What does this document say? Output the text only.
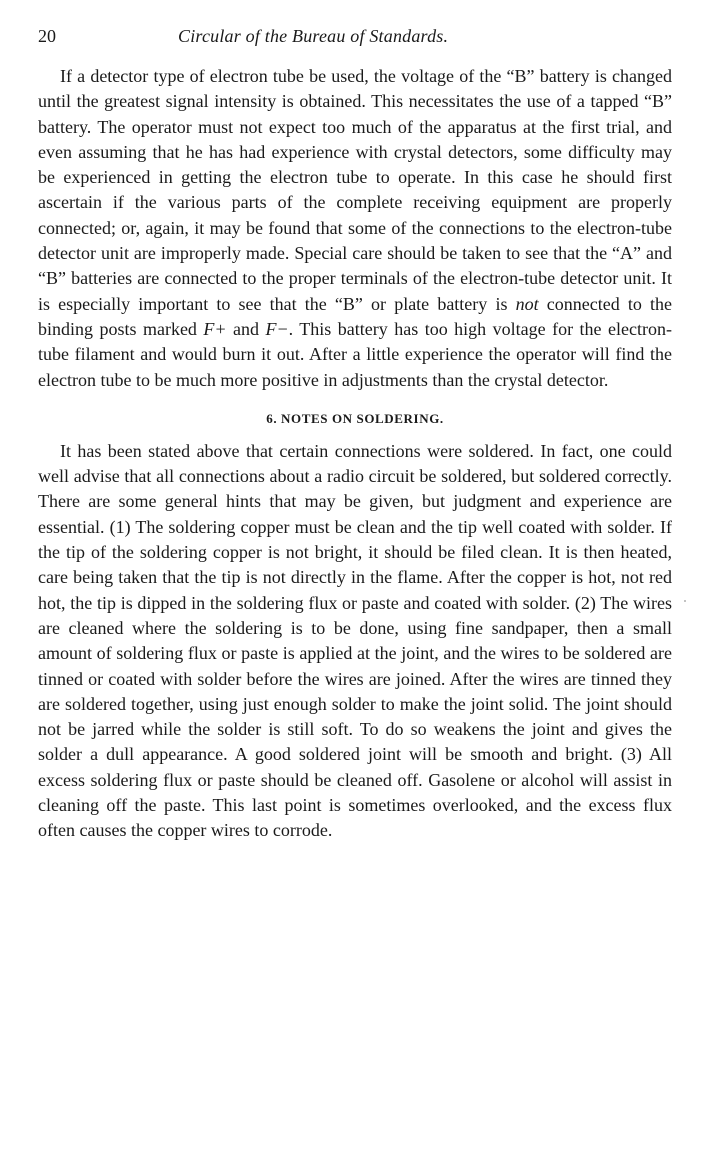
20	Circular of the Bureau of Standards.

If a detector type of electron tube be used, the voltage of the “B” battery is changed until the greatest signal intensity is obtained. This necessitates the use of a tapped “B” battery. The operator must not expect too much of the apparatus at the first trial, and even assuming that he has had experience with crystal detectors, some difficulty may be experienced in getting the electron tube to operate. In this case he should first ascertain if the various parts of the complete receiving equipment are properly connected; or, again, it may be found that some of the connections to the electron-tube detector unit are improperly made. Special care should be taken to see that the “A” and “B” batteries are connected to the proper terminals of the electron-tube detector unit. It is especially important to see that the “B” or plate battery is not connected to the binding posts marked F+ and F−. This battery has too high voltage for the electron-tube filament and would burn it out. After a little experience the operator will find the electron tube to be much more positive in adjustments than the crystal detector.

6. NOTES ON SOLDERING.

It has been stated above that certain connections were soldered. In fact, one could well advise that all connections about a radio circuit be soldered, but soldered correctly. There are some general hints that may be given, but judgment and experience are essential. (1) The soldering copper must be clean and the tip well coated with solder. If the tip of the soldering copper is not bright, it should be filed clean. It is then heated, care being taken that the tip is not directly in the flame. After the copper is hot, not red hot, the tip is dipped in the soldering flux or paste and coated with solder. (2) The wires are cleaned where the soldering is to be done, using fine sandpaper, then a small amount of soldering flux or paste is applied at the joint, and the wires to be soldered are tinned or coated with solder before the wires are joined. After the wires are tinned they are soldered together, using just enough solder to make the joint solid. The joint should not be jarred while the solder is still soft. To do so weakens the joint and gives the solder a dull appearance. A good soldered joint will be smooth and bright. (3) All excess soldering flux or paste should be cleaned off. Gasolene or alcohol will assist in cleaning off the paste. This last point is sometimes overlooked, and the excess flux often causes the copper wires to corrode.
